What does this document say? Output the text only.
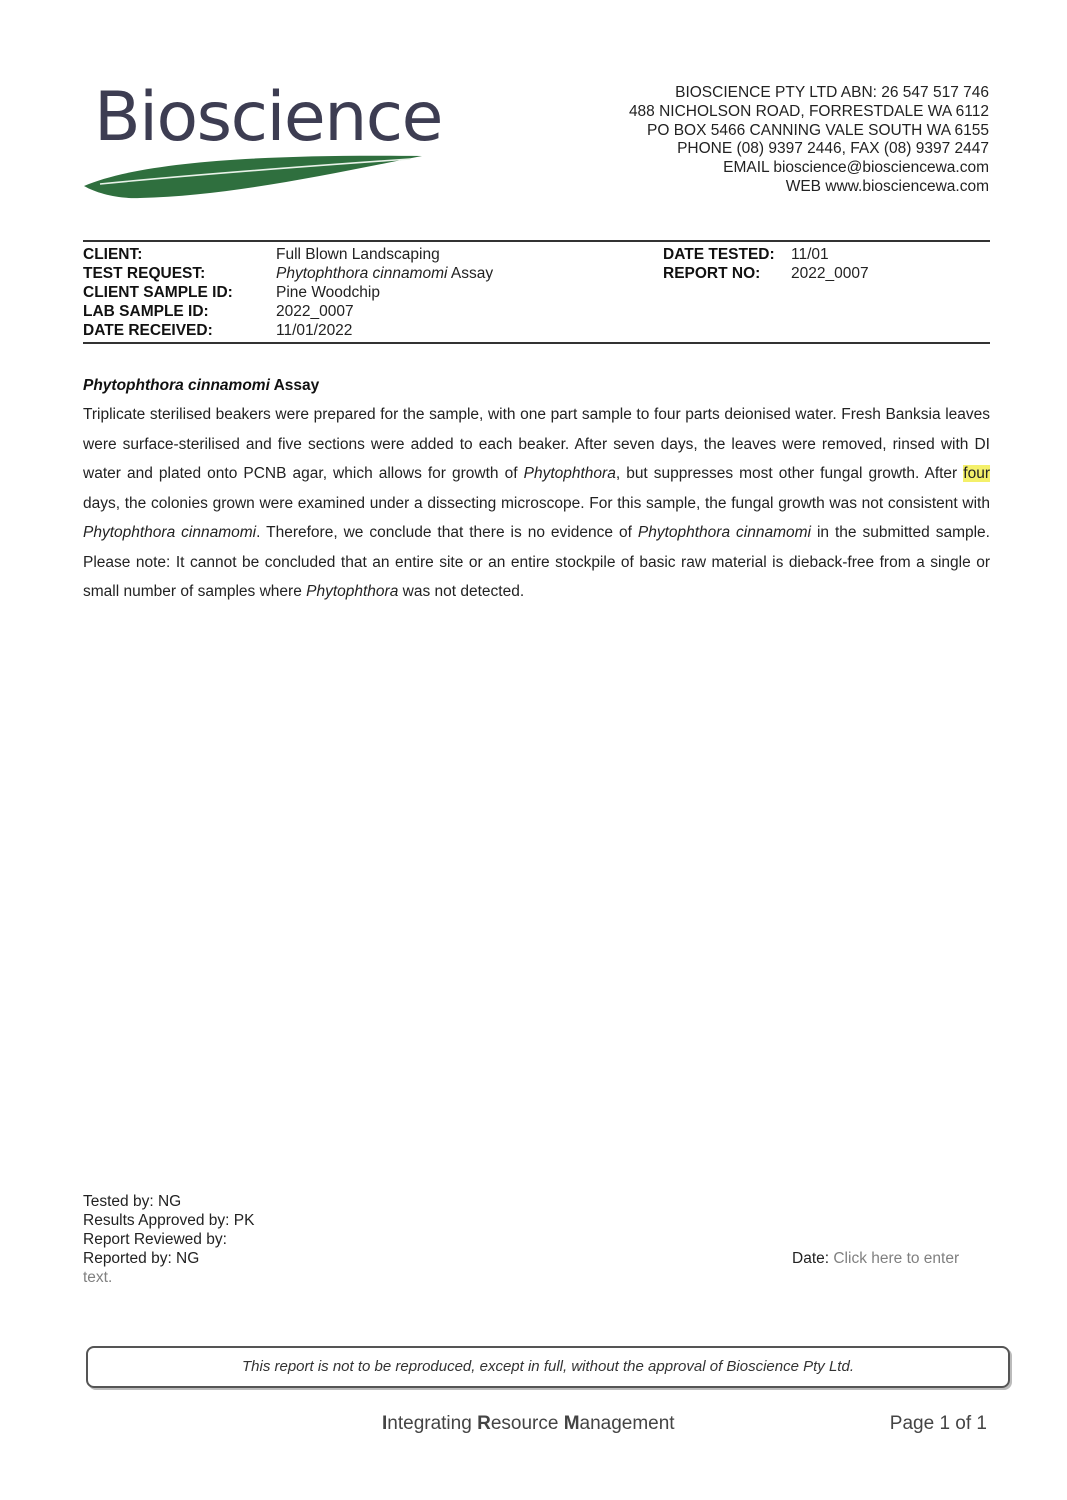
Bioscience	BIOSCIENCE PTY LTD ABN: 26 547 517 746
488 NICHOLSON ROAD, FORRESTDALE WA 6112
PO BOX 5466 CANNING VALE SOUTH WA 6155
PHONE (08) 9397 2446, FAX (08) 9397 2447
EMAIL bioscience@biosciencewa.com
WEB www.biosciencewa.com
CLIENT:	Full Blown Landscaping
TEST REQUEST:	Phytophthora cinnamomi Assay
CLIENT SAMPLE ID:	Pine Woodchip
LAB SAMPLE ID:	2022_0007
DATE RECEIVED:	11/01/2022
DATE TESTED: 11/01
REPORT NO: 2022_0007
Phytophthora cinnamomi Assay
Triplicate sterilised beakers were prepared for the sample, with one part sample to four parts deionised water. Fresh Banksia leaves were surface-sterilised and five sections were added to each beaker. After seven days, the leaves were removed, rinsed with DI water and plated onto PCNB agar, which allows for growth of Phytophthora, but suppresses most other fungal growth. After four days, the colonies grown were examined under a dissecting microscope. For this sample, the fungal growth was not consistent with Phytophthora cinnamomi. Therefore, we conclude that there is no evidence of Phytophthora cinnamomi in the submitted sample. Please note: It cannot be concluded that an entire site or an entire stockpile of basic raw material is dieback-free from a single or small number of samples where Phytophthora was not detected.
Tested by: NG
Results Approved by: PK
Report Reviewed by:
Reported by: NG
text.
Date: Click here to enter
This report is not to be reproduced, except in full, without the approval of Bioscience Pty Ltd.
Integrating Resource Management	Page 1 of 1
